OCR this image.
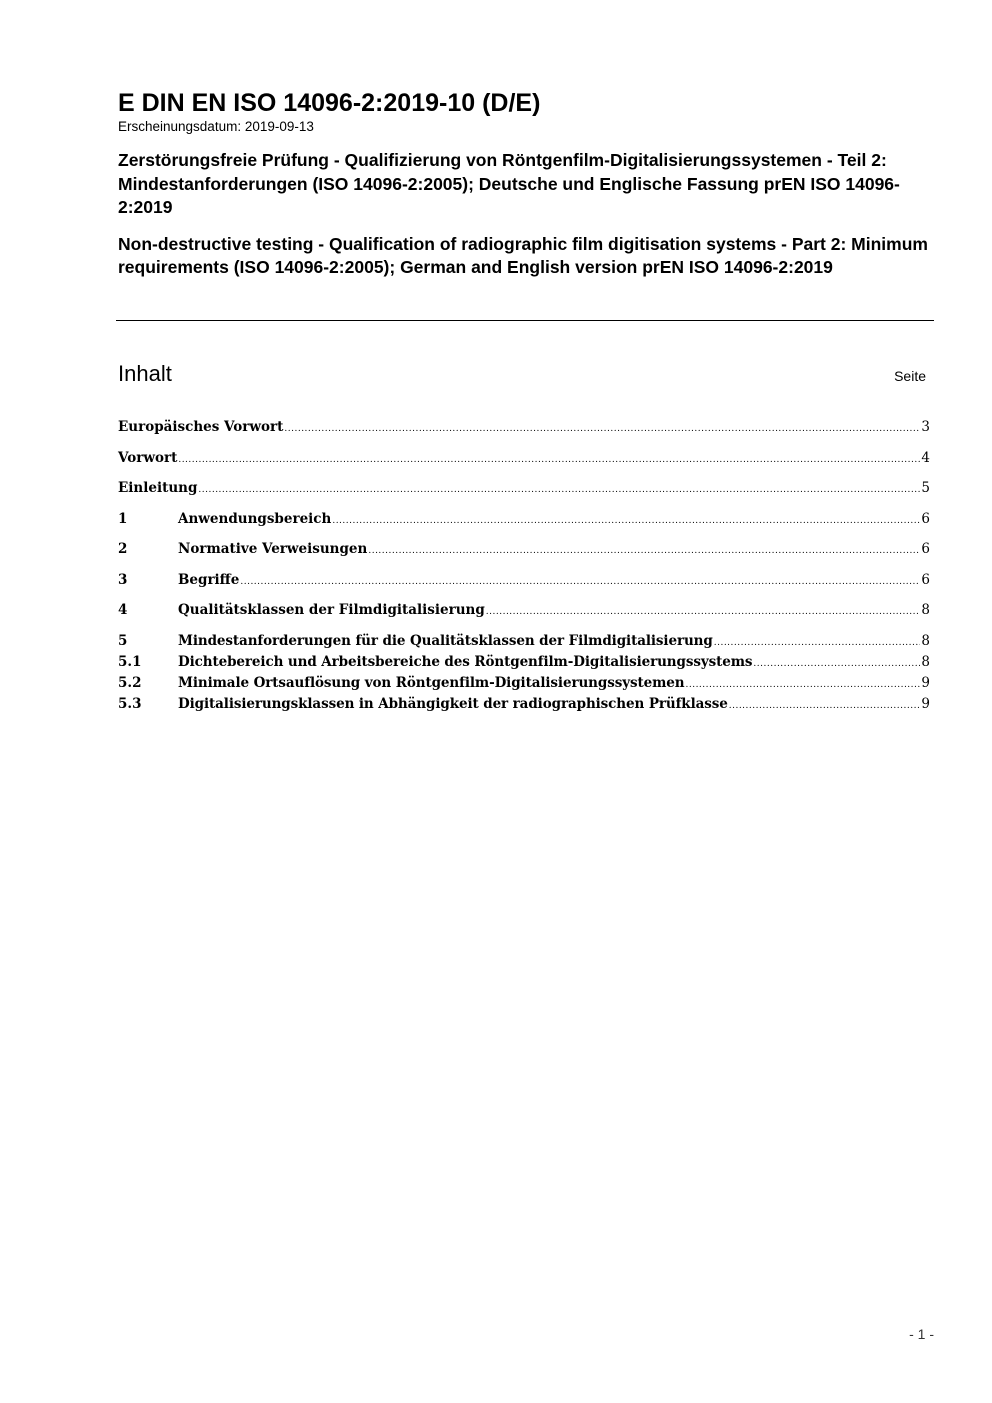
E DIN EN ISO 14096-2:2019-10 (D/E)

Erscheinungsdatum: 2019-09-13

Zerstörungsfreie Prüfung - Qualifizierung von Röntgenfilm-Digitalisierungssystemen - Teil 2: Mindestanforderungen (ISO 14096-2:2005); Deutsche und Englische Fassung prEN ISO 14096-2:2019

Non-destructive testing - Qualification of radiographic film digitisation systems - Part 2: Minimum requirements (ISO 14096-2:2005); German and English version prEN ISO 14096-2:2019

Inhalt	Seite
Europäisches Vorwort .....	3
Vorwort .....	4
Einleitung .....	5
1	Anwendungsbereich .....	6
2	Normative Verweisungen .....	6
3	Begriffe .....	6
4	Qualitätsklassen der Filmdigitalisierung .....	8
5	Mindestanforderungen für die Qualitätsklassen der Filmdigitalisierung .....	8
5.1	Dichtebereich und Arbeitsbereiche des Röntgenfilm-Digitalisierungssystems .....	8
5.2	Minimale Ortsauflösung von Röntgenfilm-Digitalisierungssystemen .....	9
5.3	Digitalisierungsklassen in Abhängigkeit der radiographischen Prüfklasse .....	9
- 1 -
